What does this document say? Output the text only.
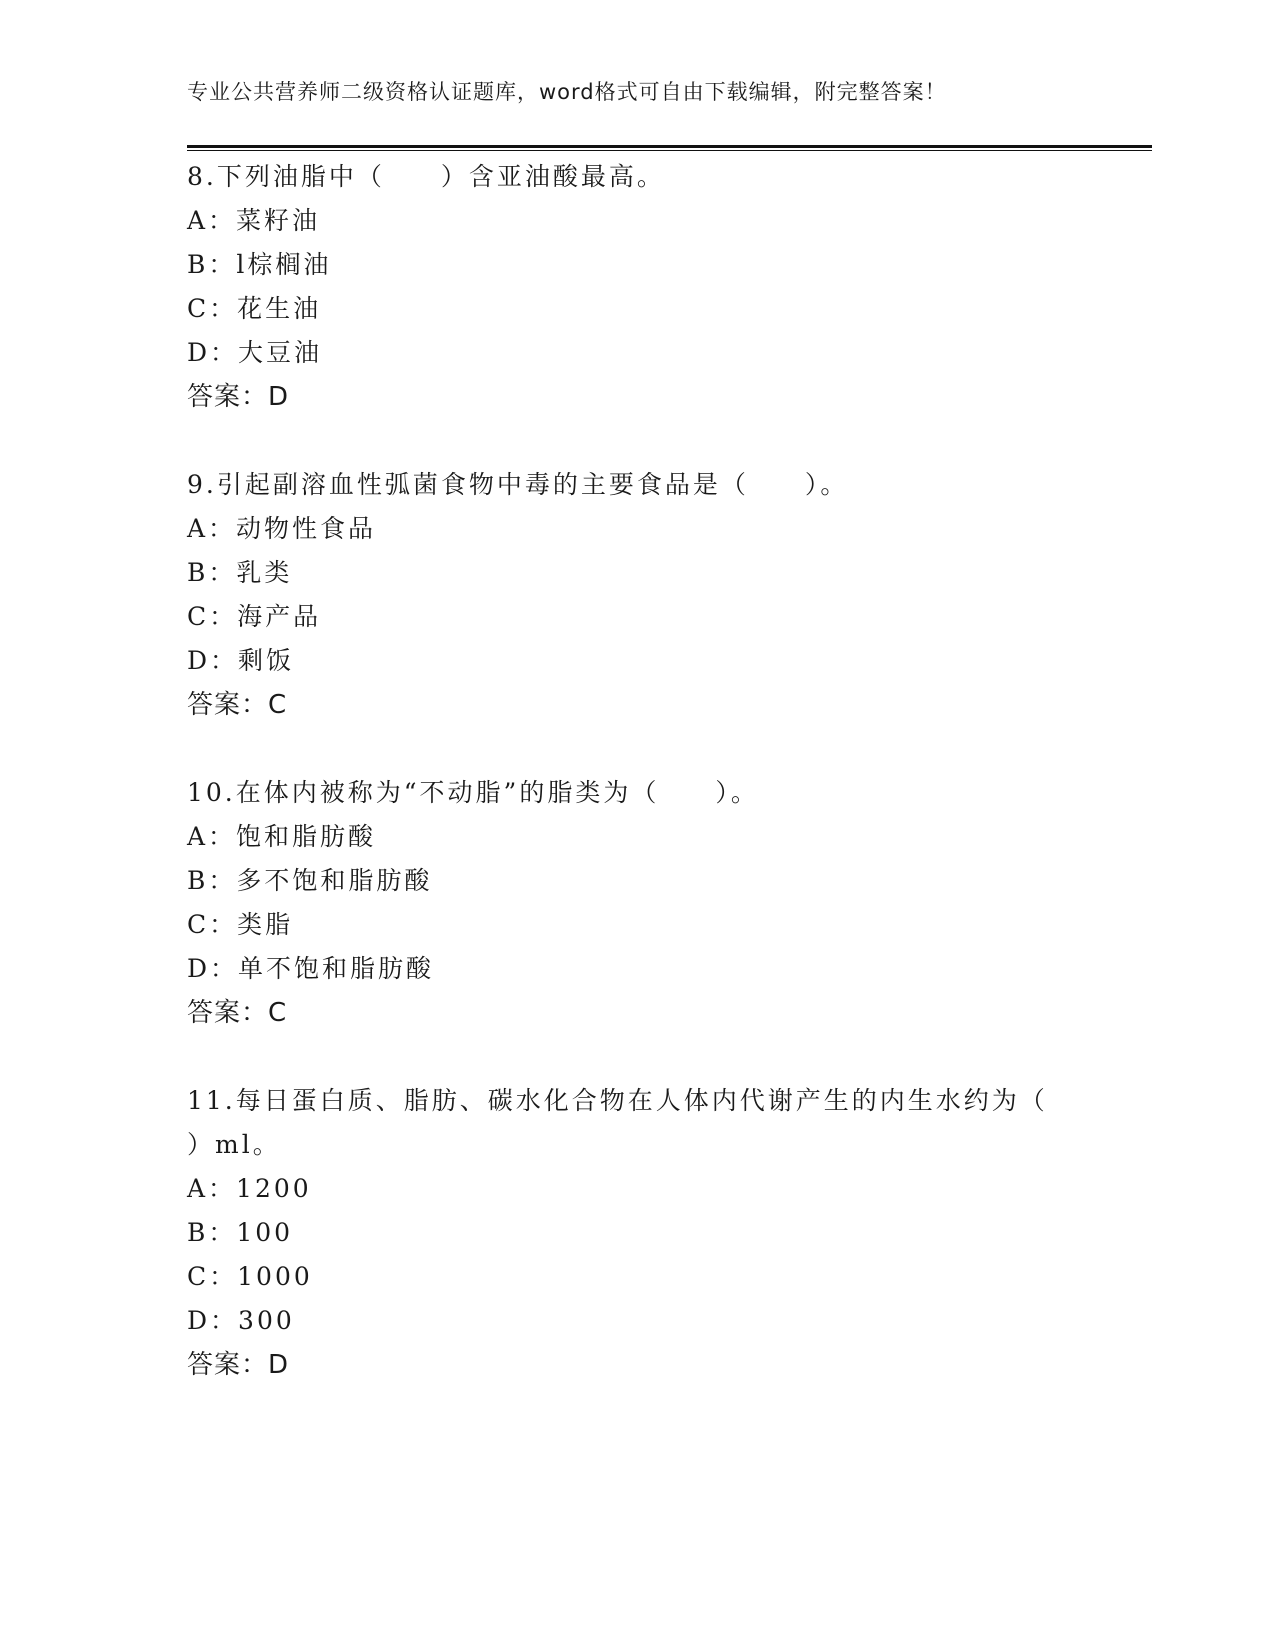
专业公共营养师二级资格认证题库，word格式可自由下载编辑，附完整答案！
8.下列油脂中（　　）含亚油酸最高。
A：菜籽油
B：l棕榈油
C：花生油
D：大豆油
答案：D
9.引起副溶血性弧菌食物中毒的主要食品是（　　）。
A：动物性食品
B：乳类
C：海产品
D：剩饭
答案：C
10.在体内被称为“不动脂”的脂类为（　　）。
A：饱和脂肪酸
B：多不饱和脂肪酸
C：类脂
D：单不饱和脂肪酸
答案：C
11.每日蛋白质、脂肪、碳水化合物在人体内代谢产生的内生水约为（
）ml。
A：1200
B：100
C：1000
D：300
答案：D
